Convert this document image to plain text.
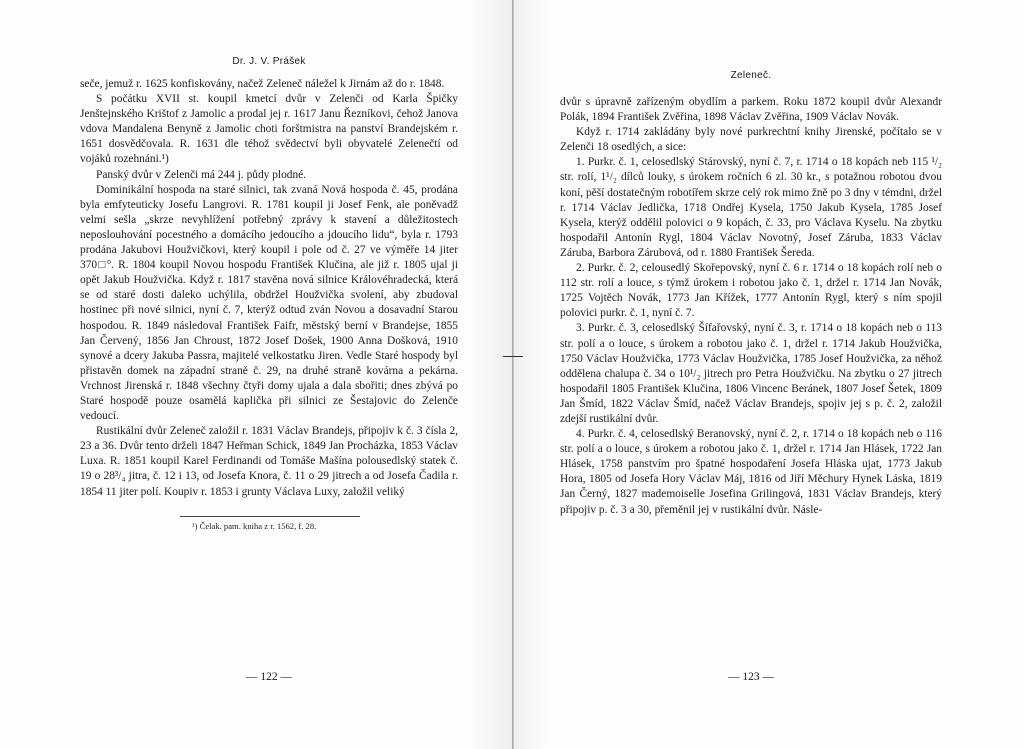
Dr. J. V. Prášek

seče, jemuž r. 1625 konfiskovány, načež Zeleneč náležel k Jirnám až do r. 1848.

S počátku XVII st. koupil kmetcí dvůr v Zelenči od Karla Špičky Jenštejnského Krištof z Jamolic a prodal jej r. 1617 Janu Řezníkovi, čehož Janova vdova Mandalena Benyně z Jamolic choti forštmistra na panství Brandejském r. 1651 dosvědčovala. R. 1631 dle téhož svědectví byli obyvatelé Zelenečtí od vojáků rozehnáni.¹)

Panský dvůr v Zelenči má 244 j. půdy plodné.

Dominikální hospoda na staré silnici, tak zvaná Nová hospoda č. 45, prodána byla emfyteuticky Josefu Langrovi. R. 1781 koupil ji Josef Fenk, ale poněvadž velmi sešla „skrze nevyhlížení potřebný zprávy k stavení a důležitostech neposlouhování pocestného a domácího jedoucího a jdoucího lidu“, byla r. 1793 prodána Jakubovi Houžvičkovi, který koupil i pole od č. 27 ve výměře 14 jiter 370□°. R. 1804 koupil Novou hospodu František Klučina, ale již r. 1805 ujal ji opět Jakub Houžvička. Když r. 1817 stavěna nová silnice Královéhradecká, která se od staré dosti daleko uchýlila, obdržel Houžvička svolení, aby zbudoval hostinec při nové silnici, nyní č. 7, kterýž odtud zván Novou a dosavadní Starou hospodou. R. 1849 následoval František Faifr, městský berní v Brandejse, 1855 Jan Červený, 1856 Jan Chroust, 1872 Josef Došek, 1900 Anna Došková, 1910 synové a dcery Jakuba Passra, majitelé velkostatku Jiren. Vedle Staré hospody byl přistavěn domek na západní straně č. 29, na druhé straně kovárna a pekárna. Vrchnost Jirenská r. 1848 všechny čtyři domy ujala a dala sbořiti; dnes zbývá po Staré hospodě pouze osamělá kaplička při silnici ze Šestajovic do Zelenče vedoucí.

Rustikální dvůr Zeleneč založil r. 1831 Václav Brandejs, připojiv k č. 3 čísla 2, 23 a 36. Dvůr tento drželi 1847 Heřman Schick, 1849 Jan Procházka, 1853 Václav Luxa. R. 1851 koupil Karel Ferdinandi od Tomáše Mašína polousedlský statek č. 19 o 28³/₄ jitra, č. 12 i 13, od Josefa Knora, č. 11 o 29 jitrech a od Josefa Čadila r. 1854 11 jiter polí. Koupiv r. 1853 i grunty Václava Luxy, založil veliký

¹) Čelak. pam. kniha z r. 1562, f. 28.
— 122 —
Zeleneč.

dvůr s úpravně zařízeným obydlím a parkem. Roku 1872 koupil dvůr Alexandr Polák, 1894 František Zvěřina, 1898 Václav Zvěřina, 1909 Václav Novák.

Když r. 1714 zakládány byly nové purkrechtní knihy Jirenské, počítalo se v Zelenči 18 osedlých, a sice:

1. Purkr. č. 1, celosedlský Stárovský, nyní č. 7, r. 1714 o 18 kopách neb 115 ¹/₂ str. rolí, 1¹/₂ dílců louky, s úrokem ročních 6 zl. 30 kr., s potažnou robotou dvou koní, pěší dostatečným robotířem skrze celý rok mimo žně po 3 dny v témdni, držel r. 1714 Václav Jedlička, 1718 Ondřej Kysela, 1750 Jakub Kysela, 1785 Josef Kysela, kterýž oddělil polovici o 9 kopách, č. 33, pro Václava Kyselu. Na zbytku hospodařil Antonín Rygl, 1804 Václav Novotný, Josef Záruba, 1833 Václav Záruba, Barbora Zárubová, od r. 1880 František Šereda.

2. Purkr. č. 2, celousedlý Skořepovský, nyní č. 6 r. 1714 o 18 kopách rolí neb o 112 str. rolí a louce, s týmž úrokem i robotou jako č. 1, držel r. 1714 Jan Novák, 1725 Vojtěch Novák, 1773 Jan Křížek, 1777 Antonín Rygl, který s ním spojil polovici purkr. č. 1, nyní č. 7.

3. Purkr. č. 3, celosedlský Šífařovský, nyní č. 3, r. 1714 o 18 kopách neb o 113 str. polí a o louce, s úrokem a robotou jako č. 1, držel r. 1714 Jakub Houžvička, 1750 Václav Houžvička, 1773 Václav Houžvička, 1785 Josef Houžvička, za něhož oddělena chalupa č. 34 o 10¹/₂ jitrech pro Petra Houžvičku. Na zbytku o 27 jitrech hospodařil 1805 František Klučina, 1806 Vincenc Beránek, 1807 Josef Šetek, 1809 Jan Šmíd, 1822 Václav Šmíd, načež Václav Brandejs, spojiv jej s p. č. 2, založil zdejší rustikální dvůr.

4. Purkr. č. 4, celosedlský Beranovský, nyní č. 2, r. 1714 o 18 kopách neb o 116 str. polí a o louce, s úrokem a robotou jako č. 1, držel r. 1714 Jan Hlásek, 1722 Jan Hlásek, 1758 panstvím pro špatné hospodaření Josefa Hláska ujat, 1773 Jakub Hora, 1805 od Josefa Hory Václav Máj, 1816 od Jiří Měchury Hynek Láska, 1819 Jan Černý, 1827 mademoiselle Josefina Grilingová, 1831 Václav Brandejs, který připojiv p. č. 3 a 30, přeměnil jej v rustikální dvůr. Násle-

— 123 —
